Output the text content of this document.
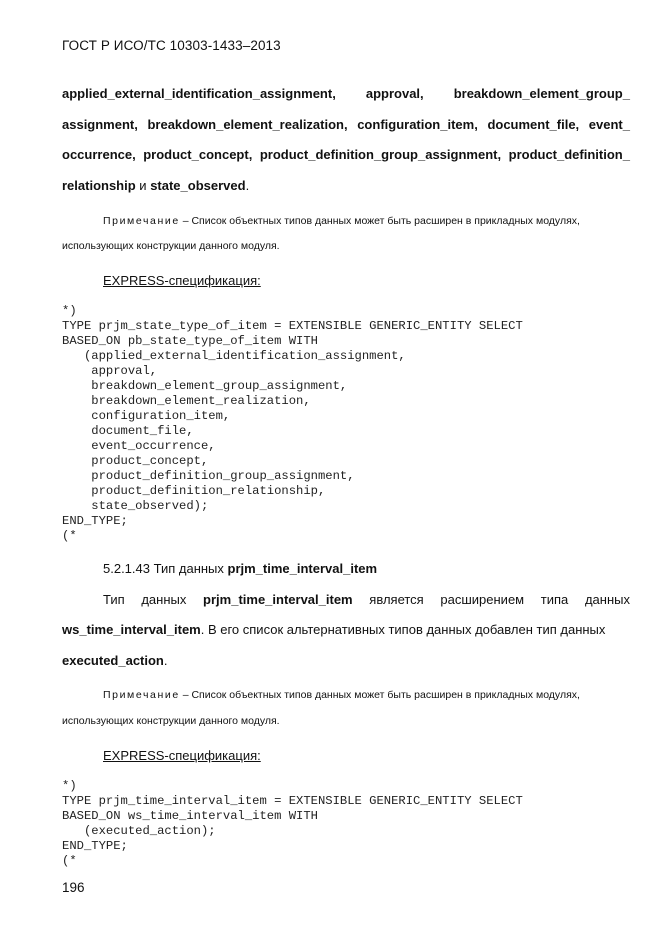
ГОСТ Р ИСО/ТС 10303-1433–2013
applied_external_identification_assignment, approval, breakdown_element_group_
assignment, breakdown_element_realization, configuration_item, document_file, event_
occurrence, product_concept, product_definition_group_assignment, product_definition_
relationship и state_observed.
Примечание – Список объектных типов данных может быть расширен в прикладных модулях,
использующих конструкции данного модуля.
EXPRESS-спецификация:
*)
TYPE prjm_state_type_of_item = EXTENSIBLE GENERIC_ENTITY SELECT
BASED_ON pb_state_type_of_item WITH
(applied_external_identification_assignment,
approval,
breakdown_element_group_assignment,
breakdown_element_realization,
configuration_item,
document_file,
event_occurrence,
product_concept,
product_definition_group_assignment,
product_definition_relationship,
state_observed);
END_TYPE;
(*
5.2.1.43 Тип данных prjm_time_interval_item
Тип данных prjm_time_interval_item является расширением типа данных
ws_time_interval_item. В его список альтернативных типов данных добавлен тип данных
executed_action.
Примечание – Список объектных типов данных может быть расширен в прикладных модулях,
использующих конструкции данного модуля.
EXPRESS-спецификация:
*)
TYPE prjm_time_interval_item = EXTENSIBLE GENERIC_ENTITY SELECT
BASED_ON ws_time_interval_item WITH
(executed_action);
END_TYPE;
(*
196
